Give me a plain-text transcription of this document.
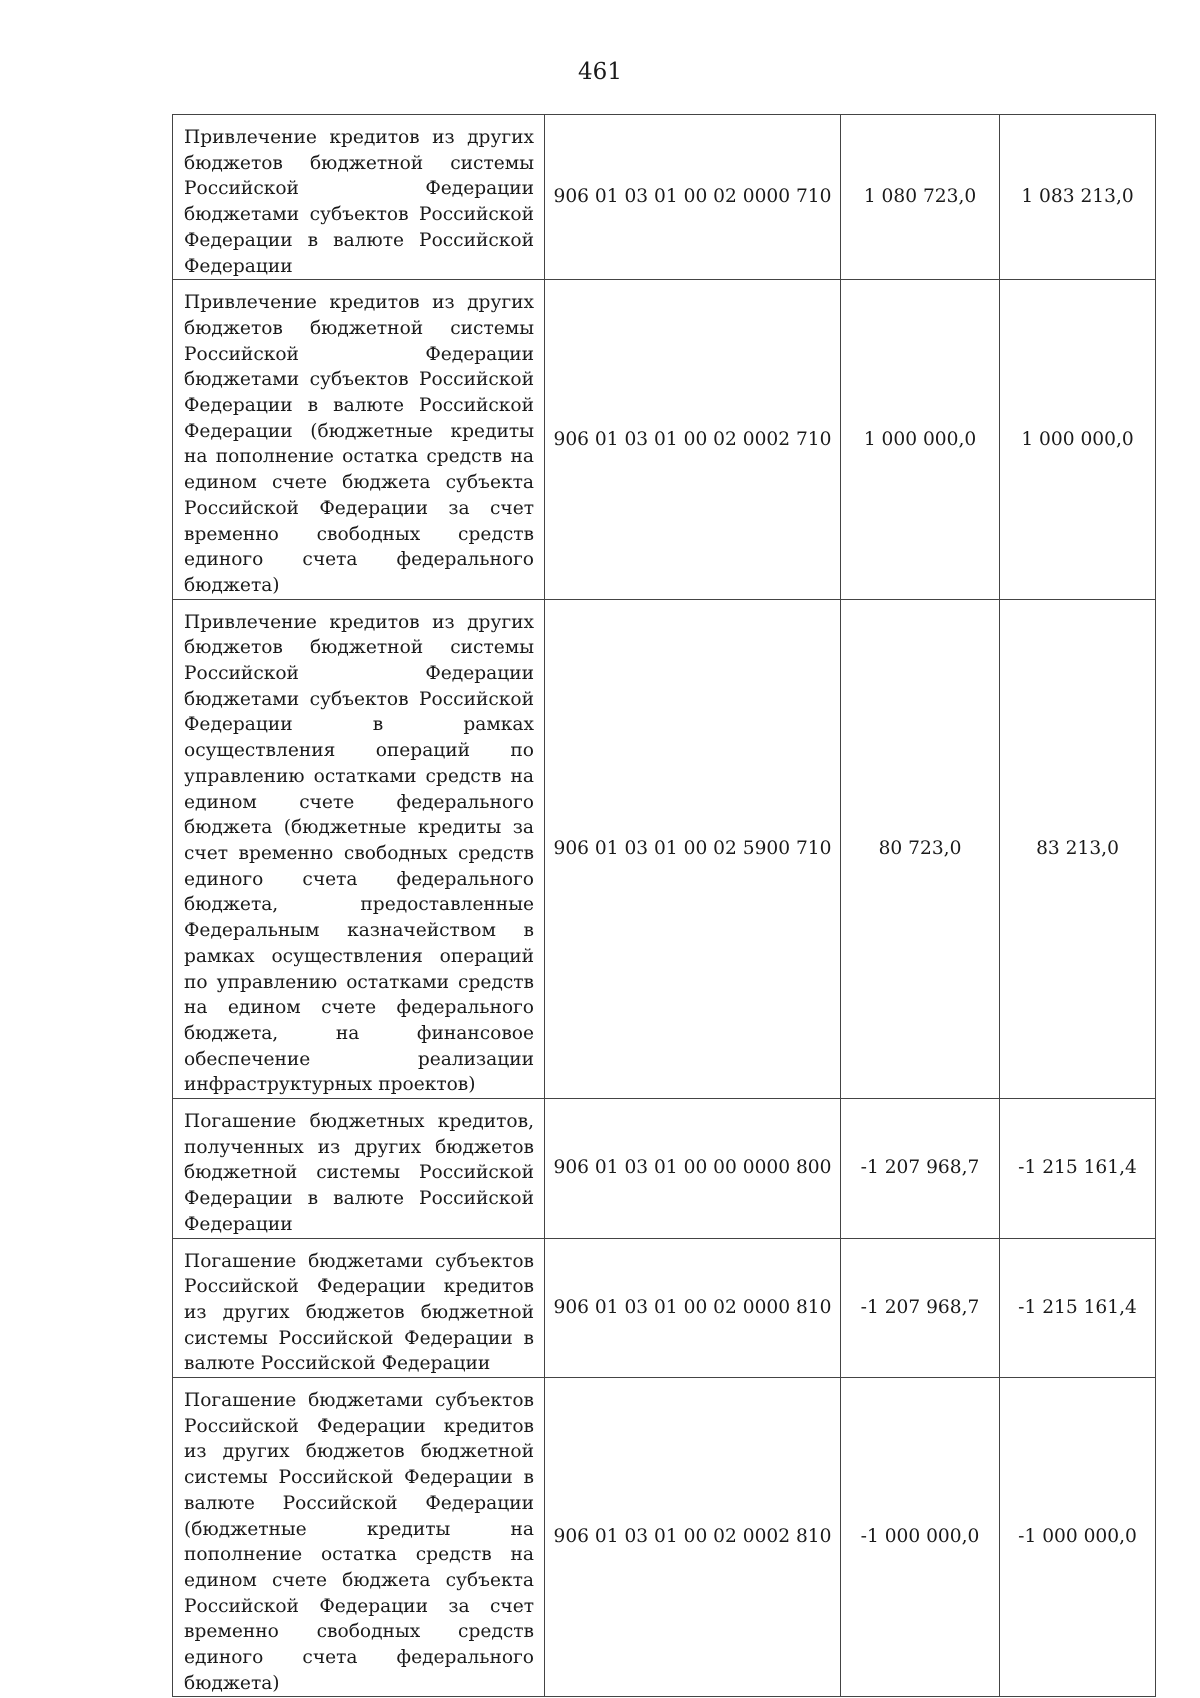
461
Привлечение кредитов из других бюджетов бюджетной системы Российской Федерации бюджетами субъектов Российской Федерации в валюте Российской Федерации	906 01 03 01 00 02 0000 710	1 080 723,0	1 083 213,0
Привлечение кредитов из других бюджетов бюджетной системы Российской Федерации бюджетами субъектов Российской Федерации в валюте Российской Федерации (бюджетные кредиты на пополнение остатка средств на едином счете бюджета субъекта Российской Федерации за счет временно свободных средств единого счета федерального бюджета)	906 01 03 01 00 02 0002 710	1 000 000,0	1 000 000,0
Привлечение кредитов из других бюджетов бюджетной системы Российской Федерации бюджетами субъектов Российской Федерации в рамках осуществления операций по управлению остатками средств на едином счете федерального бюджета (бюджетные кредиты за счет временно свободных средств единого счета федерального бюджета, предоставленные Федеральным казначейством в рамках осуществления операций по управлению остатками средств на едином счете федерального бюджета, на финансовое обеспечение реализации инфраструктурных проектов)	906 01 03 01 00 02 5900 710	80 723,0	83 213,0
Погашение бюджетных кредитов, полученных из других бюджетов бюджетной системы Российской Федерации в валюте Российской Федерации	906 01 03 01 00 00 0000 800	-1 207 968,7	-1 215 161,4
Погашение бюджетами субъектов Российской Федерации кредитов из других бюджетов бюджетной системы Российской Федерации в валюте Российской Федерации	906 01 03 01 00 02 0000 810	-1 207 968,7	-1 215 161,4
Погашение бюджетами субъектов Российской Федерации кредитов из других бюджетов бюджетной системы Российской Федерации в валюте Российской Федерации (бюджетные кредиты на пополнение остатка средств на едином счете бюджета субъекта Российской Федерации за счет временно свободных средств единого счета федерального бюджета)	906 01 03 01 00 02 0002 810	-1 000 000,0	-1 000 000,0
